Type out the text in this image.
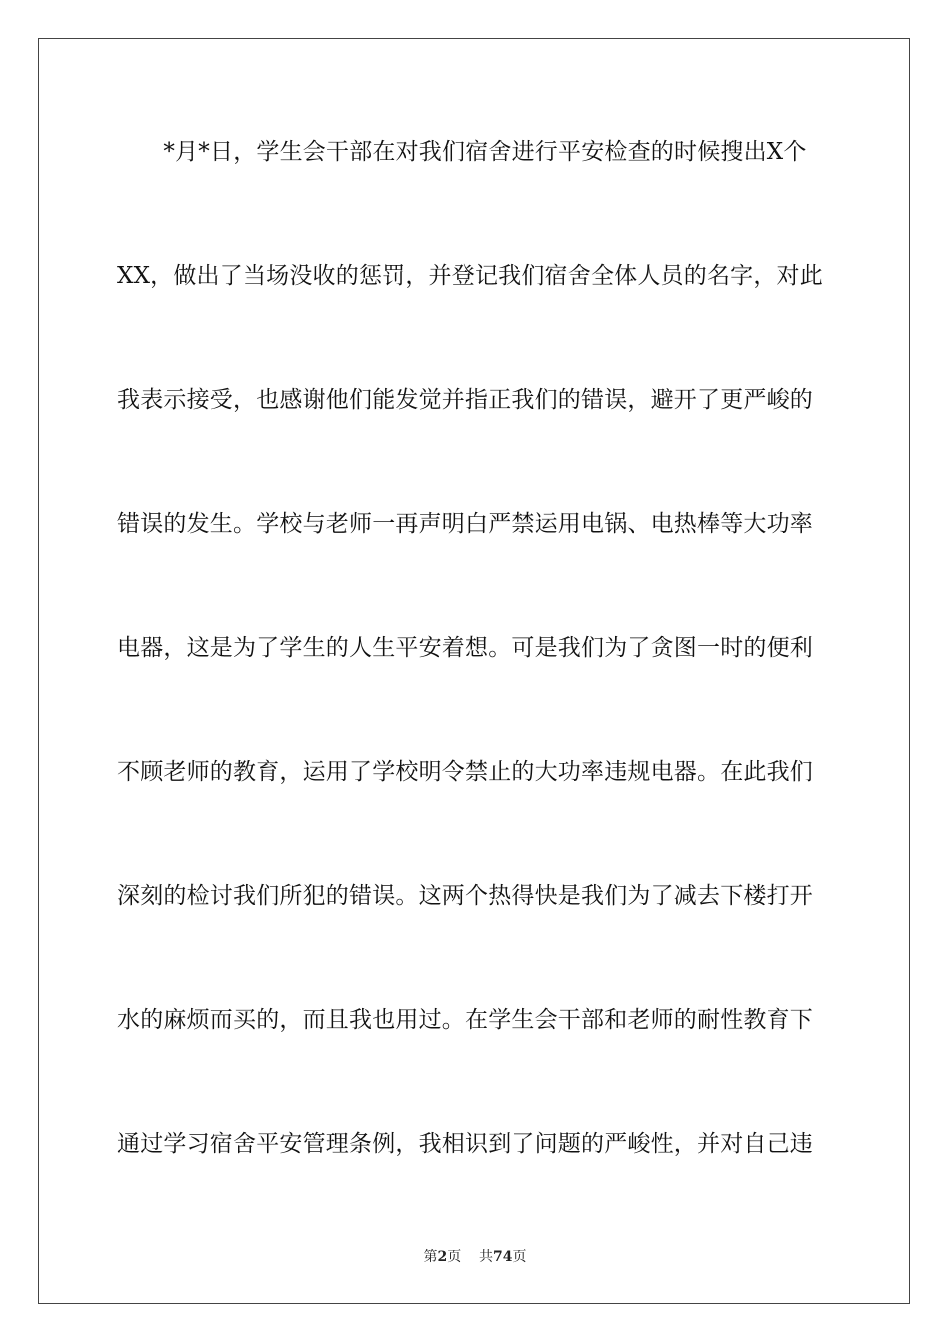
　　*月*日，学生会干部在对我们宿舍进行平安检查的时候搜出X个
XX，做出了当场没收的惩罚，并登记我们宿舍全体人员的名字，对此
我表示接受，也感谢他们能发觉并指正我们的错误，避开了更严峻的
错误的发生。学校与老师一再声明白严禁运用电锅、电热棒等大功率
电器，这是为了学生的人生平安着想。可是我们为了贪图一时的便利
不顾老师的教育，运用了学校明令禁止的大功率违规电器。在此我们
深刻的检讨我们所犯的错误。这两个热得快是我们为了减去下楼打开
水的麻烦而买的，而且我也用过。在学生会干部和老师的耐性教育下
通过学习宿舍平安管理条例，我相识到了问题的严峻性，并对自己违
第2页 共74页
